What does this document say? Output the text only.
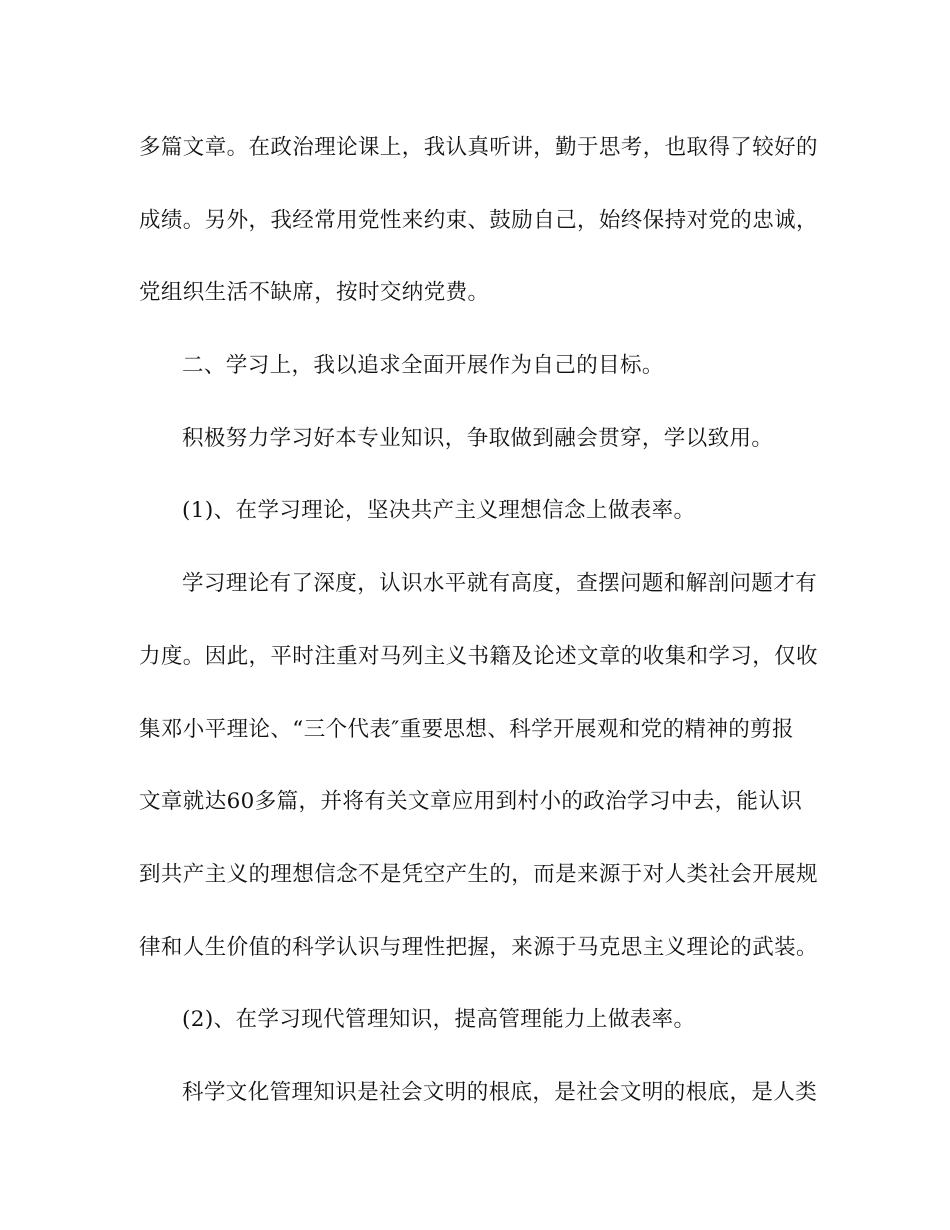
多篇文章。在政治理论课上，我认真听讲，勤于思考，也取得了较好的
成绩。另外，我经常用党性来约束、鼓励自己，始终保持对党的忠诚，
党组织生活不缺席，按时交纳党费。
二、学习上，我以追求全面开展作为自己的目标。
积极努力学习好本专业知识，争取做到融会贯穿，学以致用。
(1)、在学习理论，坚决共产主义理想信念上做表率。
学习理论有了深度，认识水平就有高度，查摆问题和解剖问题才有
力度。因此，平时注重对马列主义书籍及论述文章的收集和学习，仅收
集邓小平理论、“三个代表″重要思想、科学开展观和党的精神的剪报
文章就达60多篇，并将有关文章应用到村小的政治学习中去，能认识
到共产主义的理想信念不是凭空产生的，而是来源于对人类社会开展规
律和人生价值的科学认识与理性把握，来源于马克思主义理论的武装。
(2)、在学习现代管理知识，提高管理能力上做表率。
科学文化管理知识是社会文明的根底，是社会文明的根底，是人类
